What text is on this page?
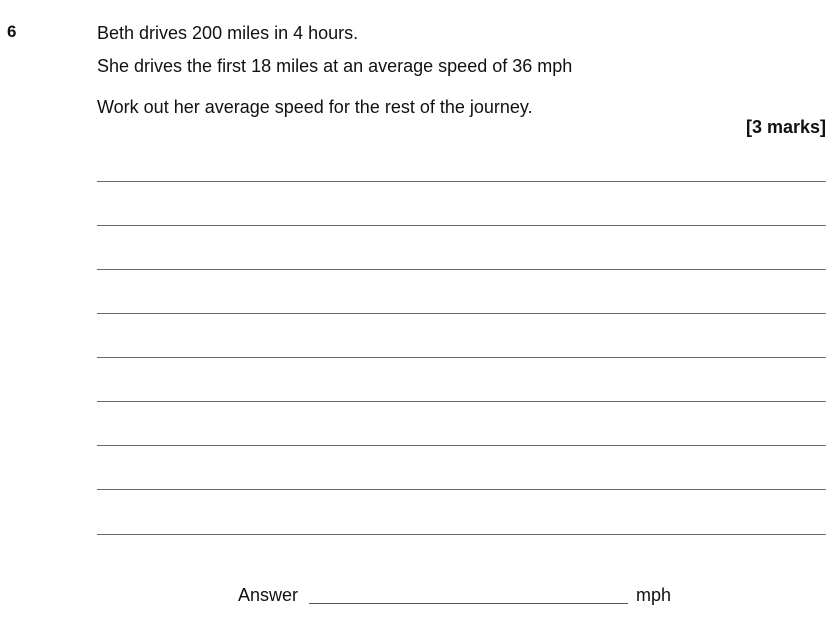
6	Beth drives 200 miles in 4 hours.
She drives the first 18 miles at an average speed of 36 mph
Work out her average speed for the rest of the journey.
[3 marks]
Answer	mph
